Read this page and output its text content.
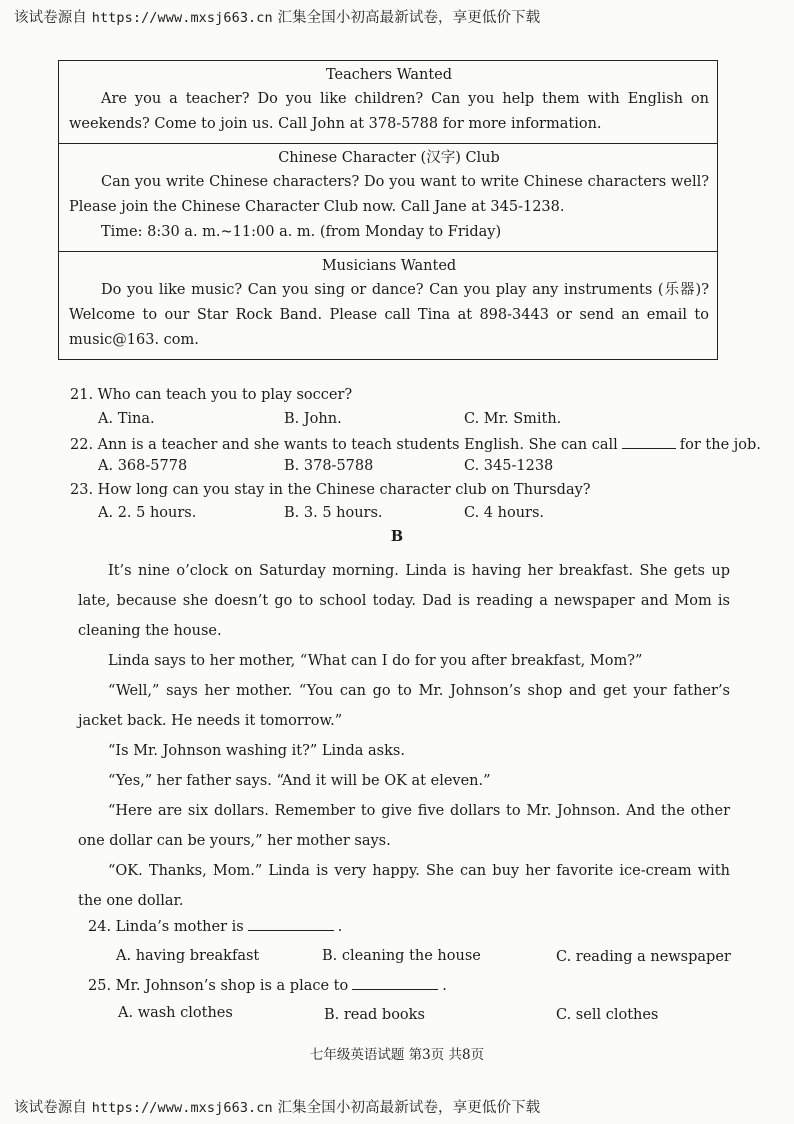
该试卷源自 https://www.mxsj663.cn 汇集全国小初高最新试卷，享更低价下载
Teachers Wanted
Are you a teacher? Do you like children? Can you help them with English on weekends? Come to join us. Call John at 378-5788 for more information.
Chinese Character (汉字) Club
Can you write Chinese characters? Do you want to write Chinese characters well? Please join the Chinese Character Club now. Call Jane at 345-1238.
Time: 8:30 a. m.~11:00 a. m. (from Monday to Friday)
Musicians Wanted
Do you like music? Can you sing or dance? Can you play any instruments (乐器)? Welcome to our Star Rock Band. Please call Tina at 898-3443 or send an email to music@163. com.
21. Who can teach you to play soccer?
A. Tina.	B. John.	C. Mr. Smith.
22. Ann is a teacher and she wants to teach students English. She can call	for the job.
A. 368-5778	B. 378-5788	C. 345-1238
23. How long can you stay in the Chinese character club on Thursday?
A. 2. 5 hours.	B. 3. 5 hours.	C. 4 hours.
B

It’s nine o’clock on Saturday morning. Linda is having her breakfast. She gets up late, because she doesn’t go to school today. Dad is reading a newspaper and Mom is cleaning the house.

Linda says to her mother, “What can I do for you after breakfast, Mom?”

“Well,” says her mother. “You can go to Mr. Johnson’s shop and get your father’s jacket back. He needs it tomorrow.”

“Is Mr. Johnson washing it?” Linda asks.

“Yes,” her father says. “And it will be OK at eleven.”

“Here are six dollars. Remember to give five dollars to Mr. Johnson. And the other one dollar can be yours,” her mother says.

“OK. Thanks, Mom.” Linda is very happy. She can buy her favorite ice-cream with the one dollar.

24. Linda’s mother is	.
A. having breakfast	B. cleaning the house	C. reading a newspaper
25. Mr. Johnson’s shop is a place to	.
A. wash clothes	B. read books	C. sell clothes
七年级英语试题 第3页 共8页
该试卷源自 https://www.mxsj663.cn 汇集全国小初高最新试卷，享更低价下载
